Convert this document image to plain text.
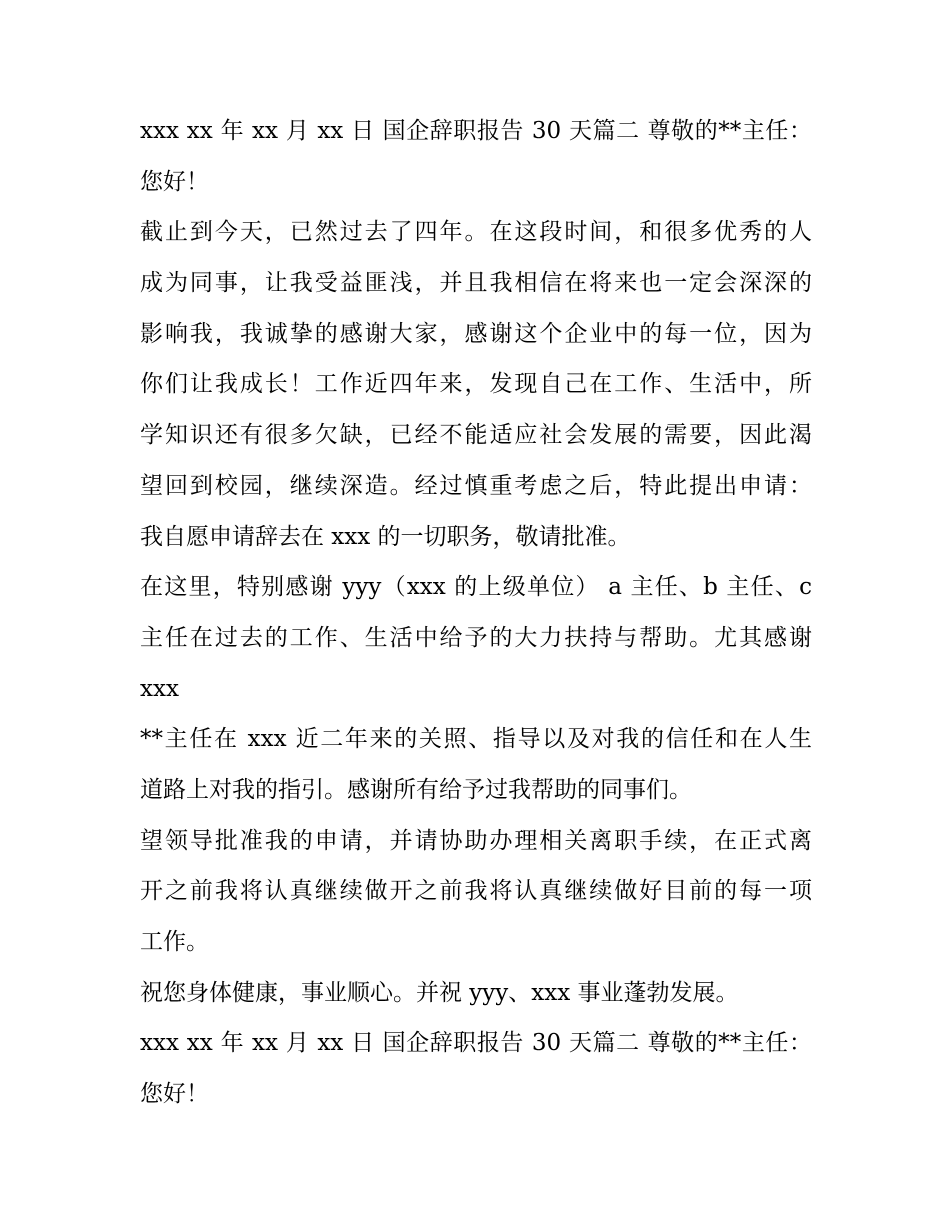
xxx xx 年 xx 月 xx 日 国企辞职报告 30 天篇二 尊敬的**主任：
您好！
截止到今天，已然过去了四年。在这段时间，和很多优秀的人
成为同事，让我受益匪浅，并且我相信在将来也一定会深深的
影响我，我诚挚的感谢大家，感谢这个企业中的每一位，因为
你们让我成长！工作近四年来，发现自己在工作、生活中，所
学知识还有很多欠缺，已经不能适应社会发展的需要，因此渴
望回到校园，继续深造。经过慎重考虑之后，特此提出申请：
我自愿申请辞去在 xxx 的一切职务，敬请批准。
在这里，特别感谢 yyy（xxx 的上级单位） a 主任、b 主任、c
主任在过去的工作、生活中给予的大力扶持与帮助。尤其感谢
xxx
**主任在 xxx 近二年来的关照、指导以及对我的信任和在人生
道路上对我的指引。感谢所有给予过我帮助的同事们。
望领导批准我的申请，并请协助办理相关离职手续，在正式离
开之前我将认真继续做开之前我将认真继续做好目前的每一项
工作。
祝您身体健康，事业顺心。并祝 yyy、xxx 事业蓬勃发展。
xxx xx 年 xx 月 xx 日 国企辞职报告 30 天篇二 尊敬的**主任：
您好！
